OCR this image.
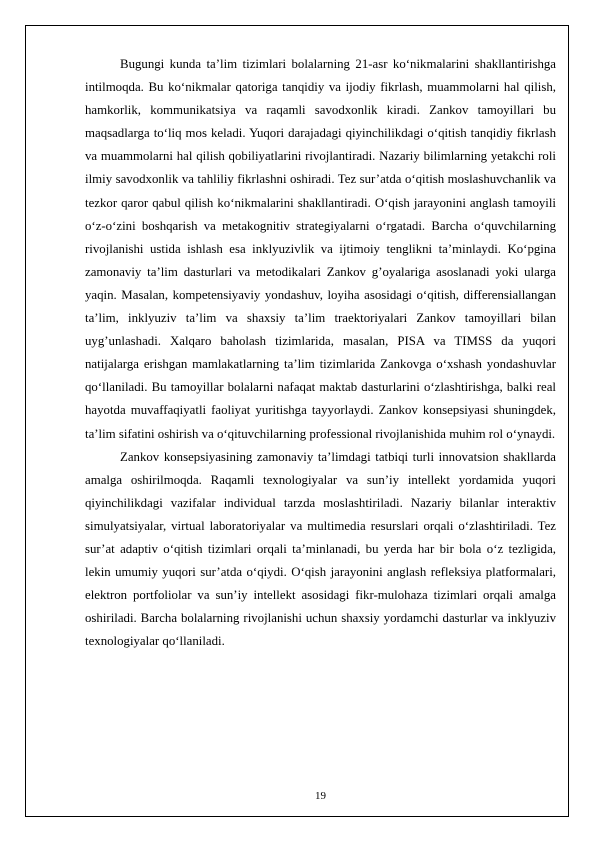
Bugungi kunda ta’lim tizimlari bolalarning 21-asr ko‘nikmalarini shakllantirishga intilmoqda. Bu ko‘nikmalar qatoriga tanqidiy va ijodiy fikrlash, muammolarni hal qilish, hamkorlik, kommunikatsiya va raqamli savodxonlik kiradi. Zankov tamoyillari bu maqsadlarga to‘liq mos keladi. Yuqori darajadagi qiyinchilikdagi o‘qitish tanqidiy fikrlash va muammolarni hal qilish qobiliyatlarini rivojlantiradi. Nazariy bilimlarning yetakchi roli ilmiy savodxonlik va tahliliy fikrlashni oshiradi. Tez sur’atda o‘qitish moslashuvchanlik va tezkor qaror qabul qilish ko‘nikmalarini shakllantiradi. O‘qish jarayonini anglash tamoyili o‘z-o‘zini boshqarish va metakognitiv strategiyalarni o‘rgatadi. Barcha o‘quvchilarning rivojlanishi ustida ishlash esa inklyuzivlik va ijtimoiy tenglikni ta’minlaydi. Ko‘pgina zamonaviy ta’lim dasturlari va metodikalari Zankov g’oyalariga asoslanadi yoki ularga yaqin. Masalan, kompetensiyaviy yondashuv, loyiha asosidagi o‘qitish, differensiallangan ta’lim, inklyuziv ta’lim va shaxsiy ta’lim traektoriyalari Zankov tamoyillari bilan uyg’unlashadi. Xalqaro baholash tizimlarida, masalan, PISA va TIMSS da yuqori natijalarga erishgan mamlakatlarning ta’lim tizimlarida Zankovga o‘xshash yondashuvlar qo‘llaniladi. Bu tamoyillar bolalarni nafaqat maktab dasturlarini o‘zlashtirishga, balki real hayotda muvaffaqiyatli faoliyat yuritishga tayyorlaydi. Zankov konsepsiyasi shuningdek, ta’lim sifatini oshirish va o‘qituvchilarning professional rivojlanishida muhim rol o‘ynaydi.

Zankov konsepsiyasining zamonaviy ta’limdagi tatbiqi turli innovatsion shakllarda amalga oshirilmoqda. Raqamli texnologiyalar va sun’iy intellekt yordamida yuqori qiyinchilikdagi vazifalar individual tarzda moslashtiriladi. Nazariy bilanlar interaktiv simulyatsiyalar, virtual laboratoriyalar va multimedia resurslari orqali o‘zlashtiriladi. Tez sur’at adaptiv o‘qitish tizimlari orqali ta’minlanadi, bu yerda har bir bola o‘z tezligida, lekin umumiy yuqori sur’atda o‘qiydi. O‘qish jarayonini anglash refleksiya platformalari, elektron portfoliolar va sun’iy intellekt asosidagi fikr-mulohaza tizimlari orqali amalga oshiriladi. Barcha bolalarning rivojlanishi uchun shaxsiy yordamchi dasturlar va inklyuziv texnologiyalar qo‘llaniladi.

19
